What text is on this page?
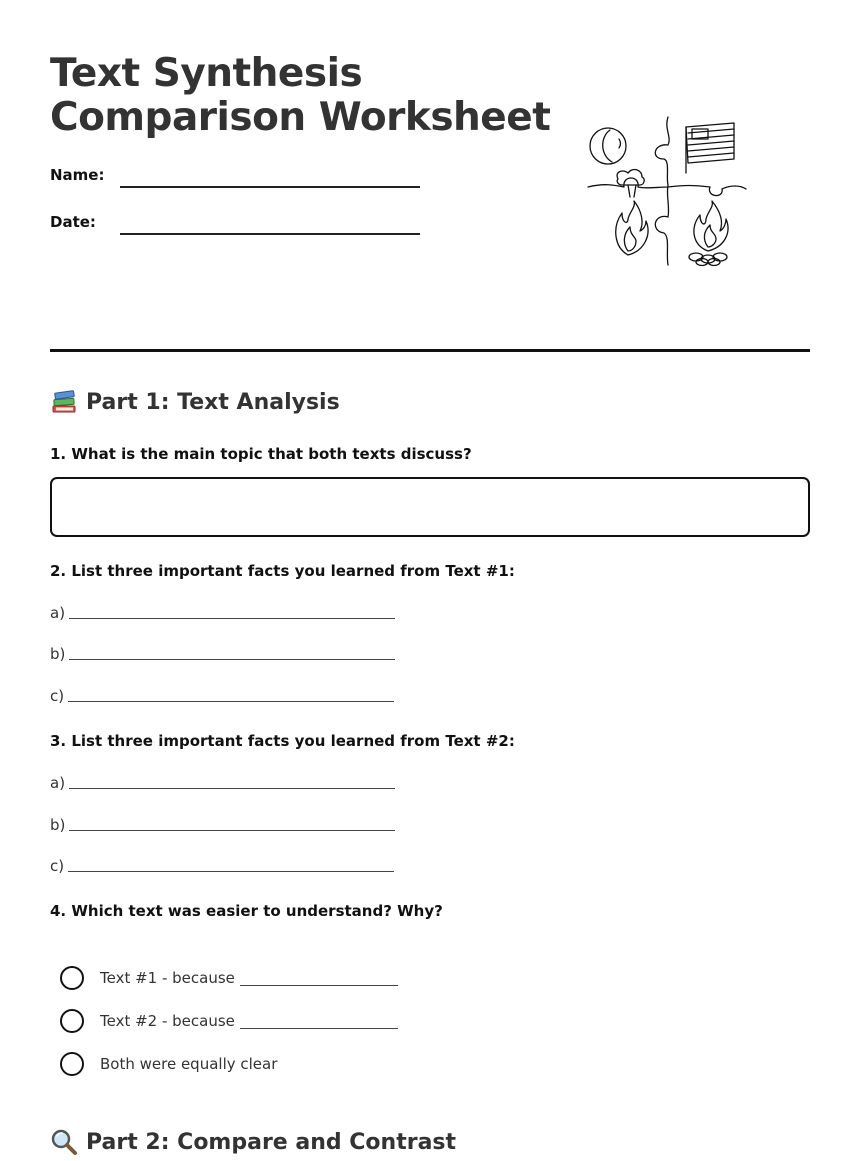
Text Synthesis
Comparison Worksheet
Name:
Date:
Part 1: Text Analysis
1. What is the main topic that both texts discuss?
2. List three important facts you learned from Text #1:
a)
b)
c)
3. List three important facts you learned from Text #2:
a)
b)
c)
4. Which text was easier to understand? Why?
Text #1 - because
Text #2 - because
Both were equally clear
Part 2: Compare and Contrast
